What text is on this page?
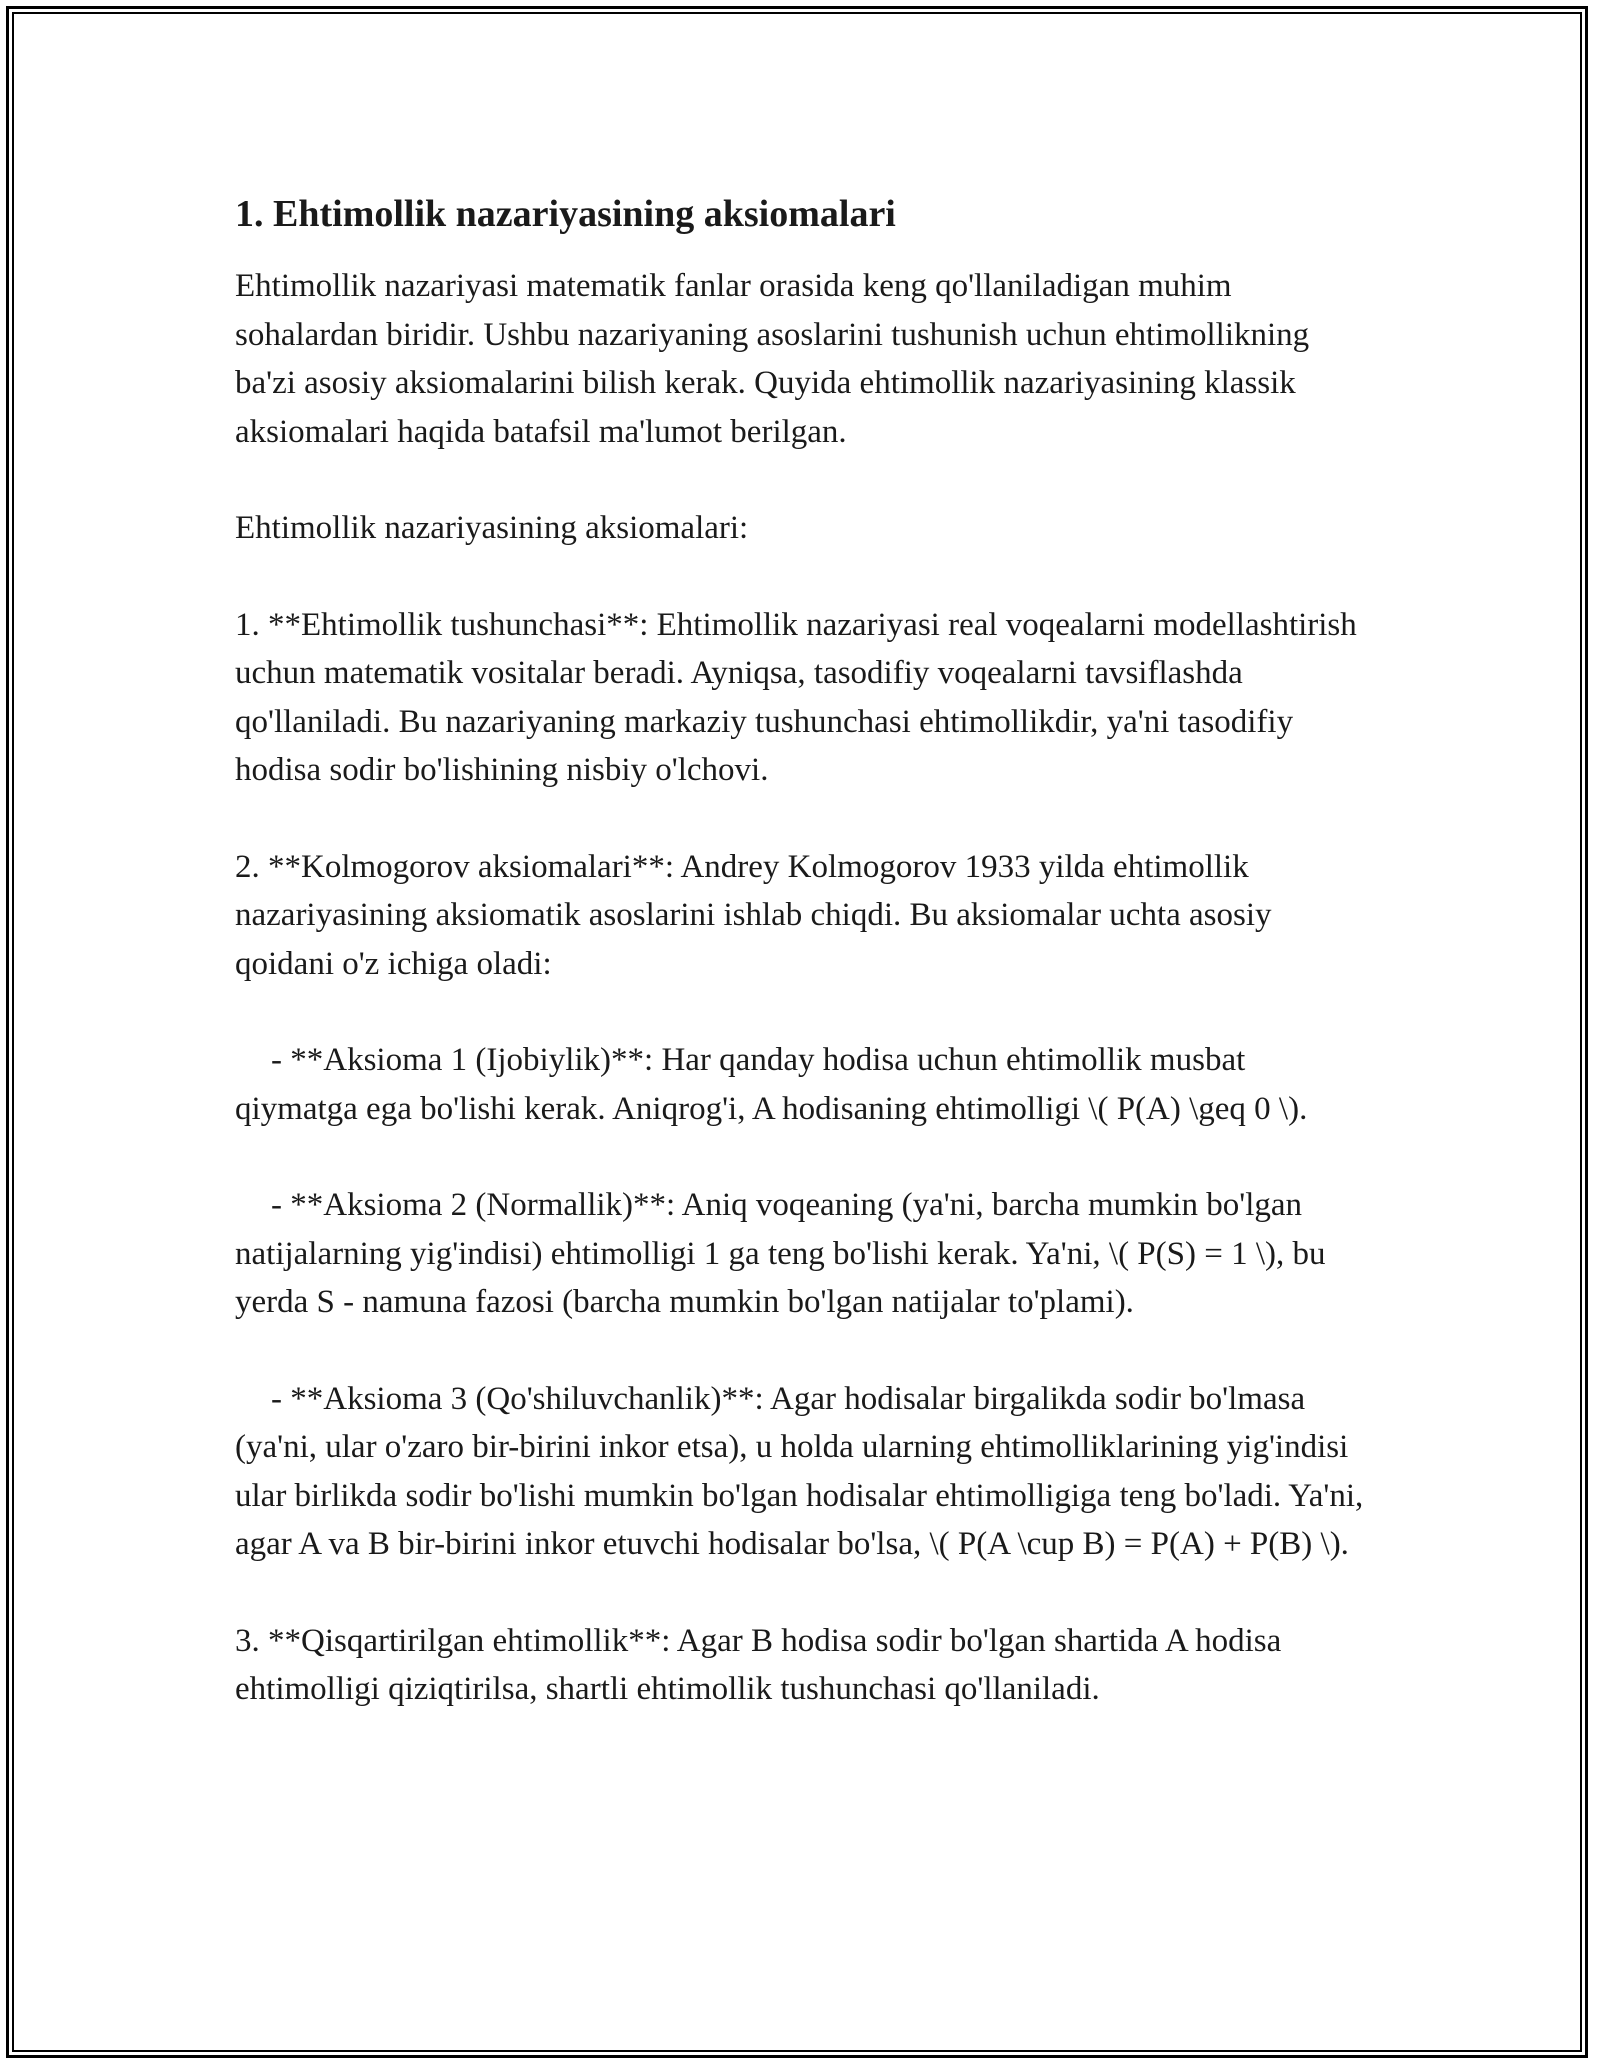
1. Ehtimollik nazariyasining aksiomalari

Ehtimollik nazariyasi matematik fanlar orasida keng qo'llaniladigan muhim sohalardan biridir. Ushbu nazariyaning asoslarini tushunish uchun ehtimollikning ba'zi asosiy aksiomalarini bilish kerak. Quyida ehtimollik nazariyasining klassik aksiomalari haqida batafsil ma'lumot berilgan.

Ehtimollik nazariyasining aksiomalari:

1. **Ehtimollik tushunchasi**: Ehtimollik nazariyasi real voqealarni modellashtirish uchun matematik vositalar beradi. Ayniqsa, tasodifiy voqealarni tavsiflashda qo'llaniladi. Bu nazariyaning markaziy tushunchasi ehtimollikdir, ya'ni tasodifiy hodisa sodir bo'lishining nisbiy o'lchovi.

2. **Kolmogorov aksiomalari**: Andrey Kolmogorov 1933 yilda ehtimollik nazariyasining aksiomatik asoslarini ishlab chiqdi. Bu aksiomalar uchta asosiy qoidani o'z ichiga oladi:

- **Aksioma 1 (Ijobiylik)**: Har qanday hodisa uchun ehtimollik musbat qiymatga ega bo'lishi kerak. Aniqrog'i, A hodisaning ehtimolligi \( P(A) \geq 0 \).

- **Aksioma 2 (Normallik)**: Aniq voqeaning (ya'ni, barcha mumkin bo'lgan natijalarning yig'indisi) ehtimolligi 1 ga teng bo'lishi kerak. Ya'ni, \( P(S) = 1 \), bu yerda S - namuna fazosi (barcha mumkin bo'lgan natijalar to'plami).

- **Aksioma 3 (Qo'shiluvchanlik)**: Agar hodisalar birgalikda sodir bo'lmasa (ya'ni, ular o'zaro bir-birini inkor etsa), u holda ularning ehtimolliklarining yig'indisi ular birlikda sodir bo'lishi mumkin bo'lgan hodisalar ehtimolligiga teng bo'ladi. Ya'ni, agar A va B bir-birini inkor etuvchi hodisalar bo'lsa, \( P(A \cup B) = P(A) + P(B) \).

3. **Qisqartirilgan ehtimollik**: Agar B hodisa sodir bo'lgan shartida A hodisa ehtimolligi qiziqtirilsa, shartli ehtimollik tushunchasi qo'llaniladi.
